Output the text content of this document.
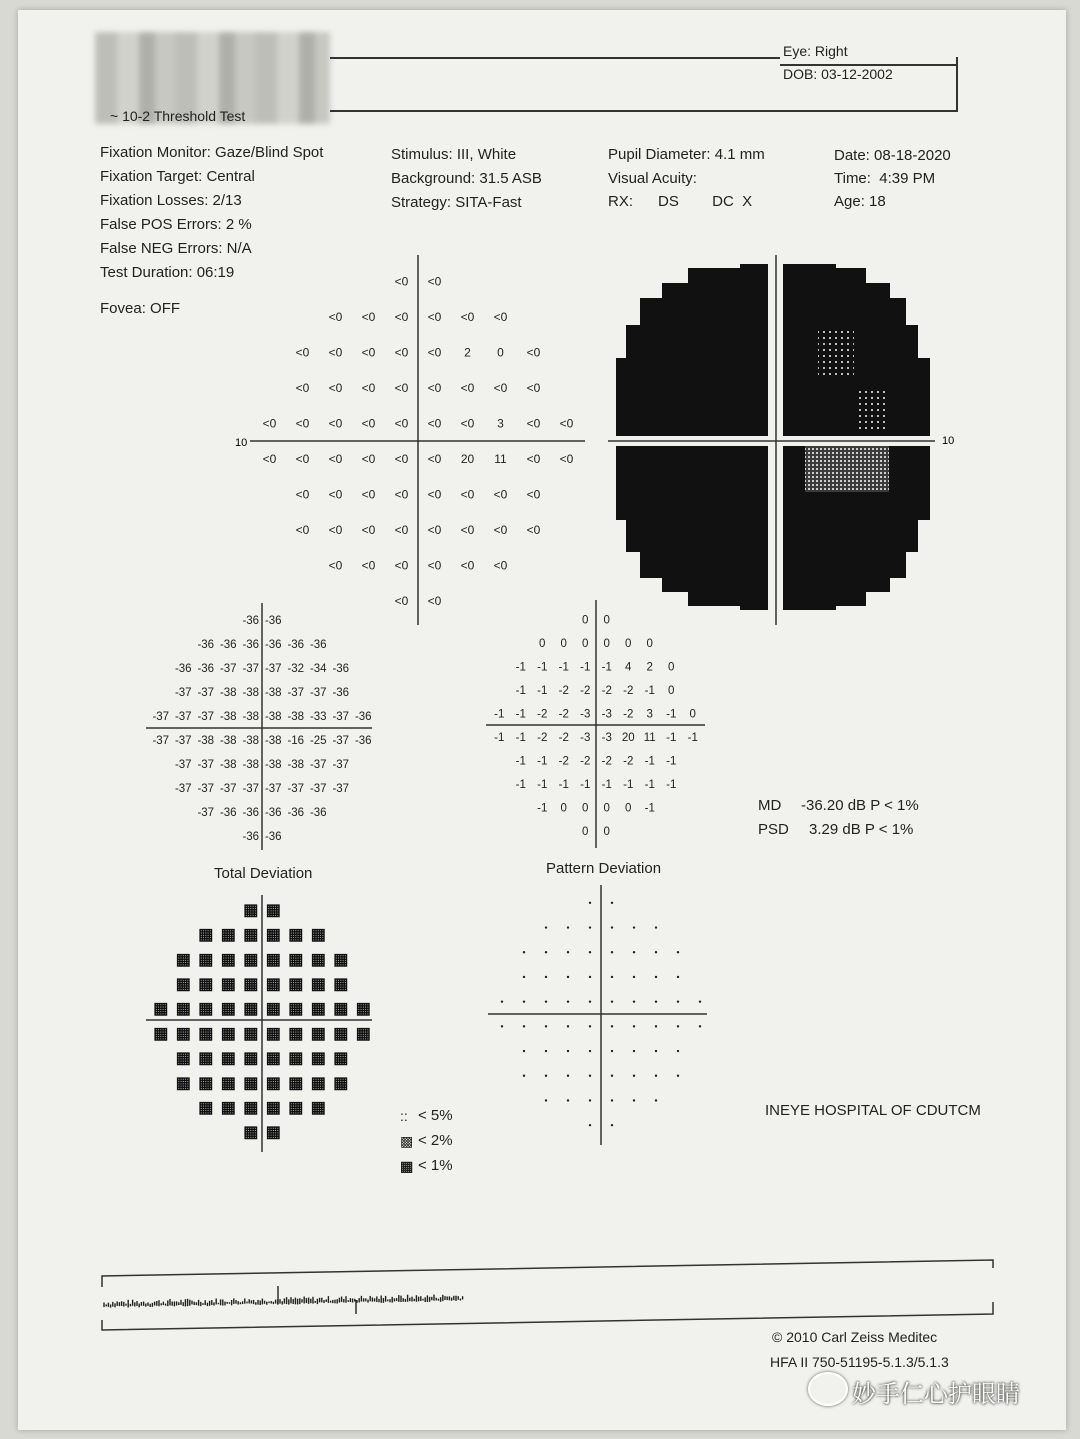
~ 10-2 Threshold Test
Eye: Right
DOB: 03-12-2002
Fixation Monitor: Gaze/Blind Spot
Fixation Target: Central
Fixation Losses: 2/13
False POS Errors: 2 %
False NEG Errors: N/A
Test Duration: 06:19
Fovea: OFF
Stimulus: III, White
Background: 31.5 ASB
Strategy: SITA-Fast
Pupil Diameter: 4.1 mm
Visual Acuity:
RX:      DS        DC  X
Date: 08-18-2020
Time:  4:39 PM
Age: 18
10
<0 <0
<0 <0 <0 <0 <0 <0
<0 <0 <0 <0 <0 2 0 <0
<0 <0 <0 <0 <0 <0 <0 <0
<0 <0 <0 <0 <0 <0 <0 3 <0 <0
<0 <0 <0 <0 <0 <0 20 11 <0 <0
<0 <0 <0 <0 <0 <0 <0 <0
<0 <0 <0 <0 <0 <0 <0 <0
<0 <0 <0 <0 <0 <0
<0 <0
10
-36 -36
-36 -36 -36 -36 -36 -36
-36 -36 -37 -37 -37 -32 -34 -36
-37 -37 -38 -38 -38 -37 -37 -36
-37 -37 -37 -38 -38 -38 -38 -33 -37 -36
-37 -37 -38 -38 -38 -38 -16 -25 -37 -36
-37 -37 -38 -38 -38 -38 -37 -37
-37 -37 -37 -37 -37 -37 -37 -37
-37 -36 -36 -36 -36 -36
-36 -36
Total Deviation
0 0
0 0 0 0 0 0
-1 -1 -1 -1 -1 4 2 0
-1 -1 -2 -2 -2 -2 -1 0
-1 -1 -2 -2 -3 -3 -2 3 -1 0
-1 -1 -2 -2 -3 -3 20 11 -1 -1
-1 -1 -2 -2 -2 -2 -1 -1
-1 -1 -1 -1 -1 -1 -1 -1
-1 0 0 0 0 -1
0 0
Pattern Deviation
MD -36.20 dB P < 1%
PSD 3.29 dB P < 1%
▦ ▦
▦ ▦ ▦ ▦ ▦ ▦
▦ ▦ ▦ ▦ ▦ ▦ ▦ ▦
▦ ▦ ▦ ▦ ▦ ▦ ▦ ▦
▦ ▦ ▦ ▦ ▦ ▦ ▦ ▦ ▦ ▦
▦ ▦ ▦ ▦ ▦ ▦ ▦ ▦ ▦ ▦
▦ ▦ ▦ ▦ ▦ ▦ ▦ ▦
▦ ▦ ▦ ▦ ▦ ▦ ▦ ▦
▦ ▦ ▦ ▦ ▦ ▦
▦ ▦
:: < 5%
▩ < 2%
▦ < 1%
INEYE HOSPITAL OF CDUTCM
© 2010 Carl Zeiss Meditec
HFA II 750-51195-5.1.3/5.1.3
妙手仁心护眼睛
